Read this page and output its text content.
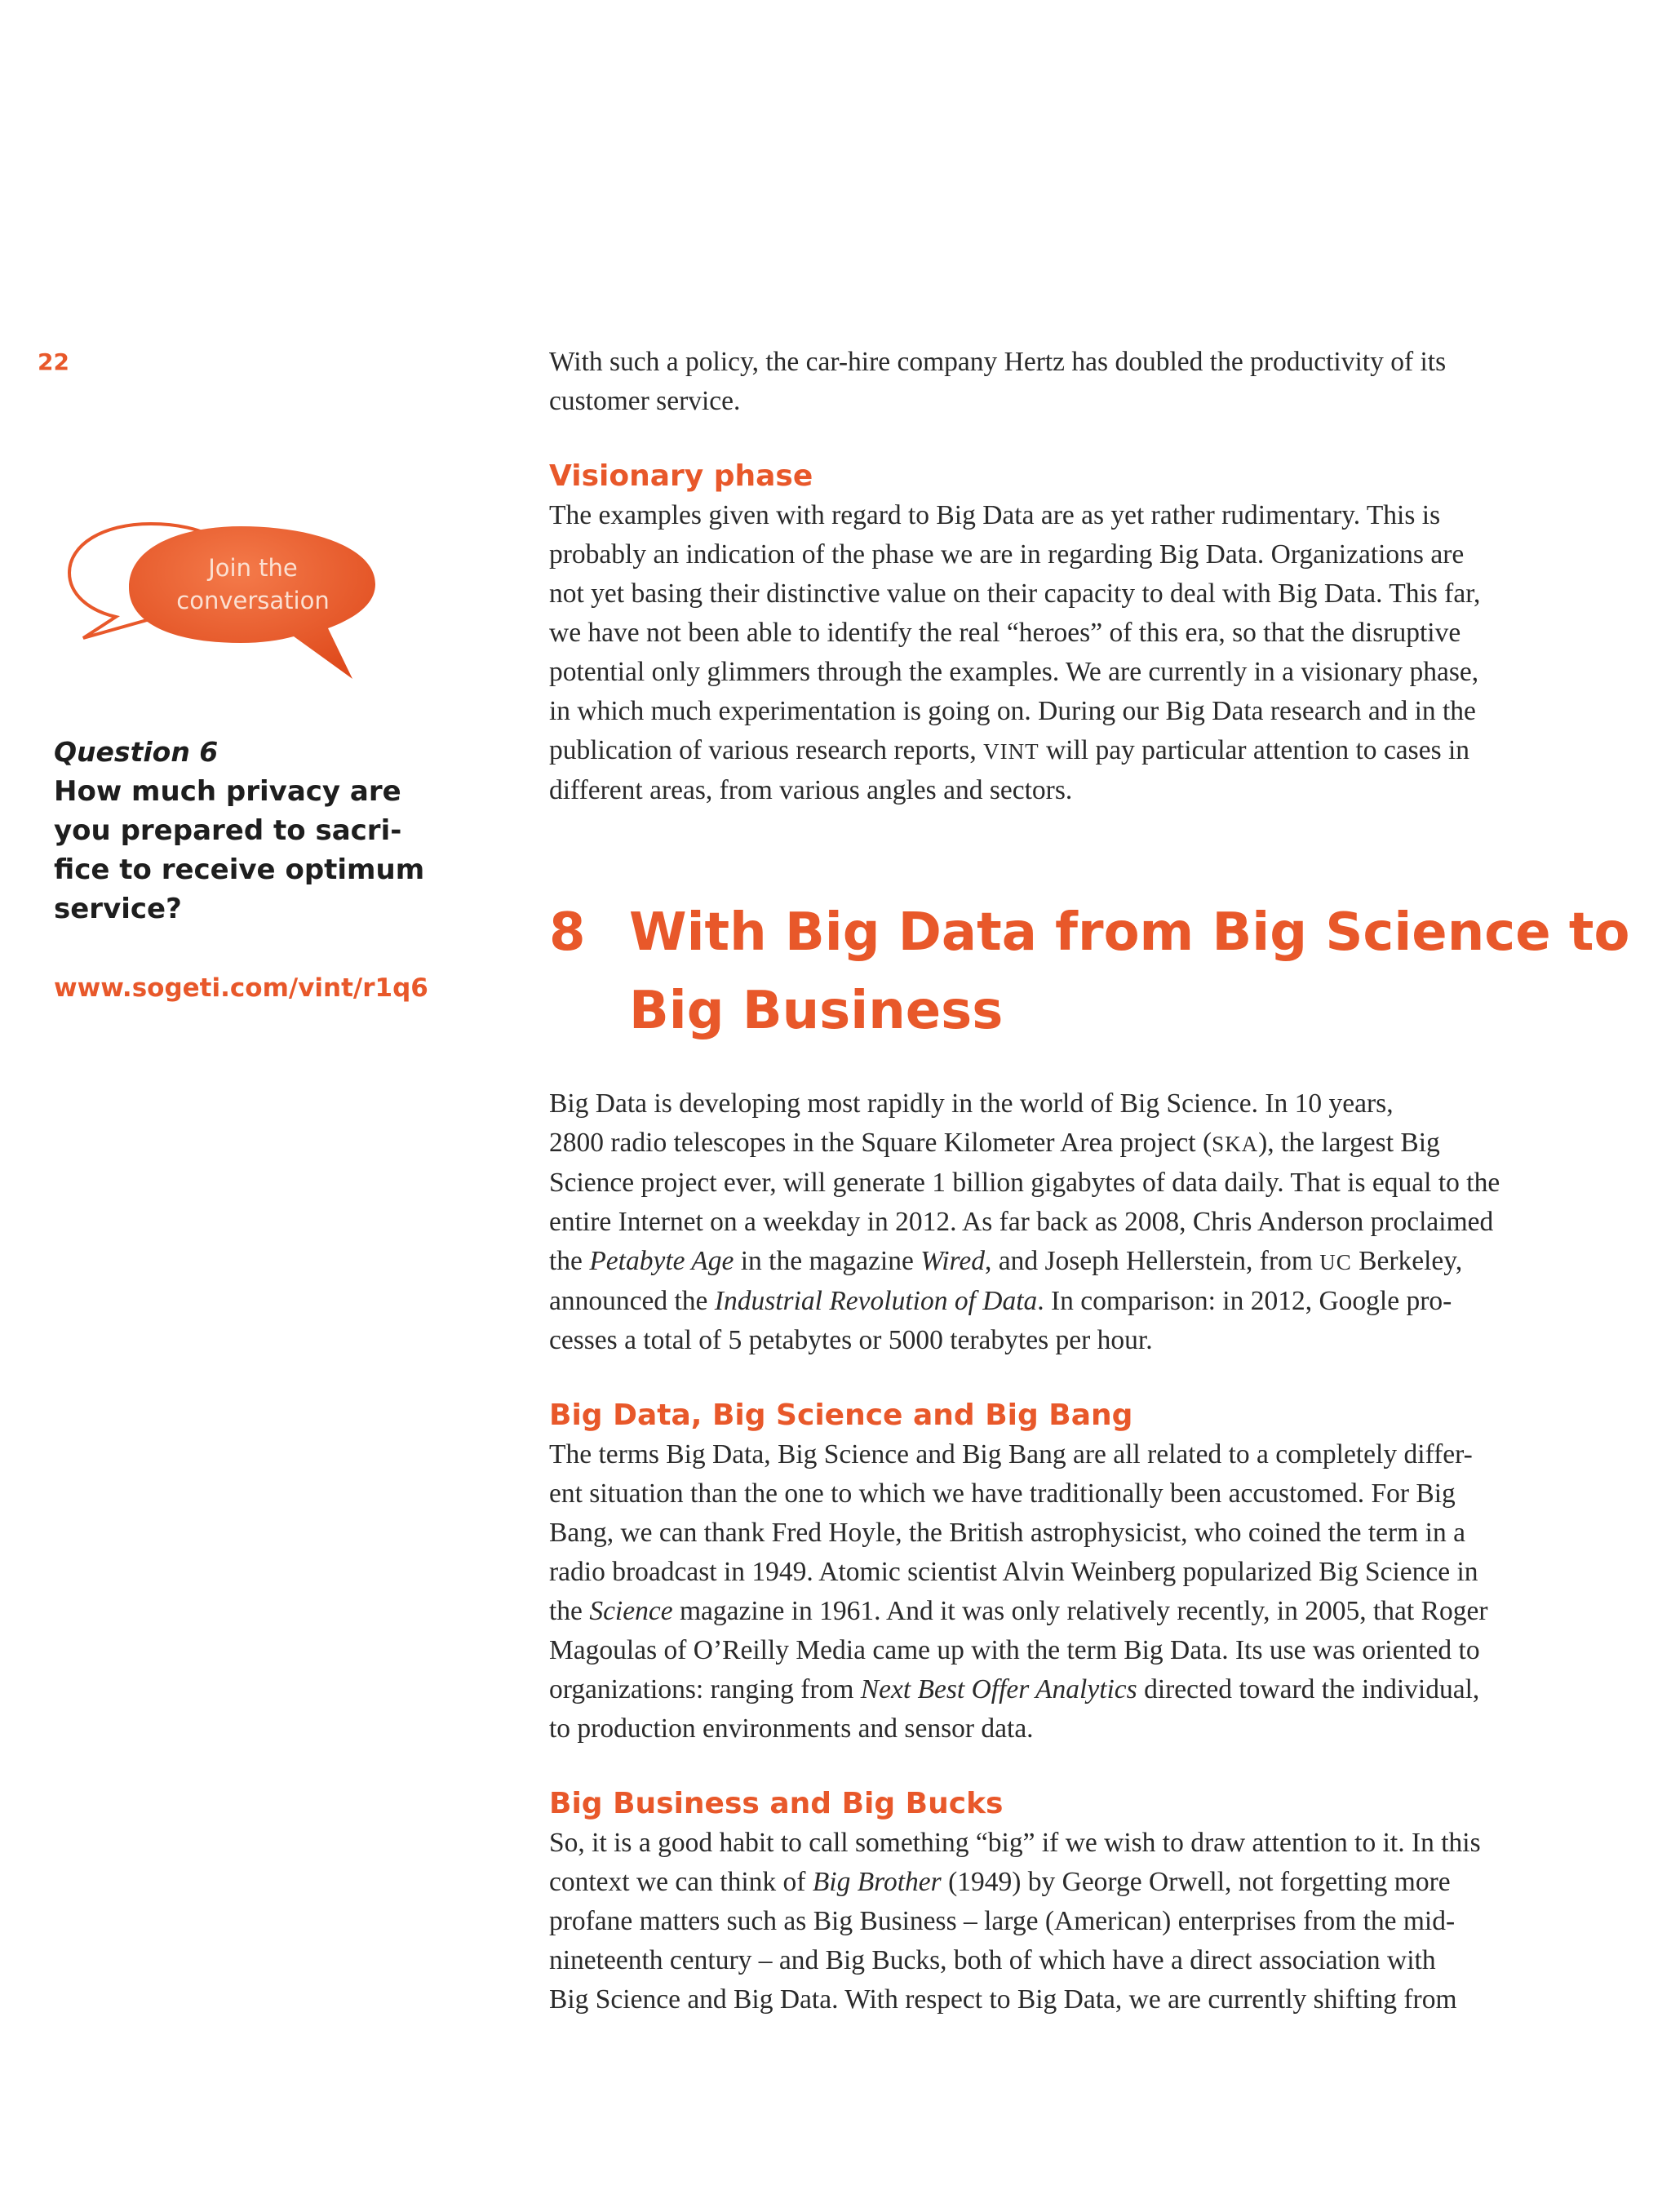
22

Join the
conversation
Question 6
How much privacy are
you prepared to sacri-
fice to receive optimum
service?
www.sogeti.com/vint/r1q6
With such a policy, the car-hire company Hertz has doubled the productivity of its
customer service.
Visionary phase
The examples given with regard to Big Data are as yet rather rudimentary. This is
probably an indication of the phase we are in regarding Big Data. Organizations are
not yet basing their distinctive value on their capacity to deal with Big Data. This far,
we have not been able to identify the real “heroes” of this era, so that the disruptive
potential only glimmers through the examples. We are currently in a visionary phase,
in which much experimentation is going on. During our Big Data research and in the
publication of various research reports, VINT will pay particular attention to cases in
different areas, from various angles and sectors.
8 With Big Data from Big Science to
Big Business
Big Data is developing most rapidly in the world of Big Science. In 10 years,
2800 radio telescopes in the Square Kilometer Area project (SKA), the largest Big
Science project ever, will generate 1 billion gigabytes of data daily. That is equal to the
entire Internet on a weekday in 2012. As far back as 2008, Chris Anderson proclaimed
the Petabyte Age in the magazine Wired, and Joseph Hellerstein, from UC Berkeley,
announced the Industrial Revolution of Data. In comparison: in 2012, Google pro-
cesses a total of 5 petabytes or 5000 terabytes per hour.
Big Data, Big Science and Big Bang
The terms Big Data, Big Science and Big Bang are all related to a completely differ-
ent situation than the one to which we have traditionally been accustomed. For Big
Bang, we can thank Fred Hoyle, the British astrophysicist, who coined the term in a
radio broadcast in 1949. Atomic scientist Alvin Weinberg popularized Big Science in
the Science magazine in 1961. And it was only relatively recently, in 2005, that Roger
Magoulas of O’Reilly Media came up with the term Big Data. Its use was oriented to
organizations: ranging from Next Best Offer Analytics directed toward the individual,
to production environments and sensor data.
Big Business and Big Bucks
So, it is a good habit to call something “big” if we wish to draw attention to it. In this
context we can think of Big Brother (1949) by George Orwell, not forgetting more
profane matters such as Big Business – large (American) enterprises from the mid-
nineteenth century – and Big Bucks, both of which have a direct association with
Big Science and Big Data. With respect to Big Data, we are currently shifting from
